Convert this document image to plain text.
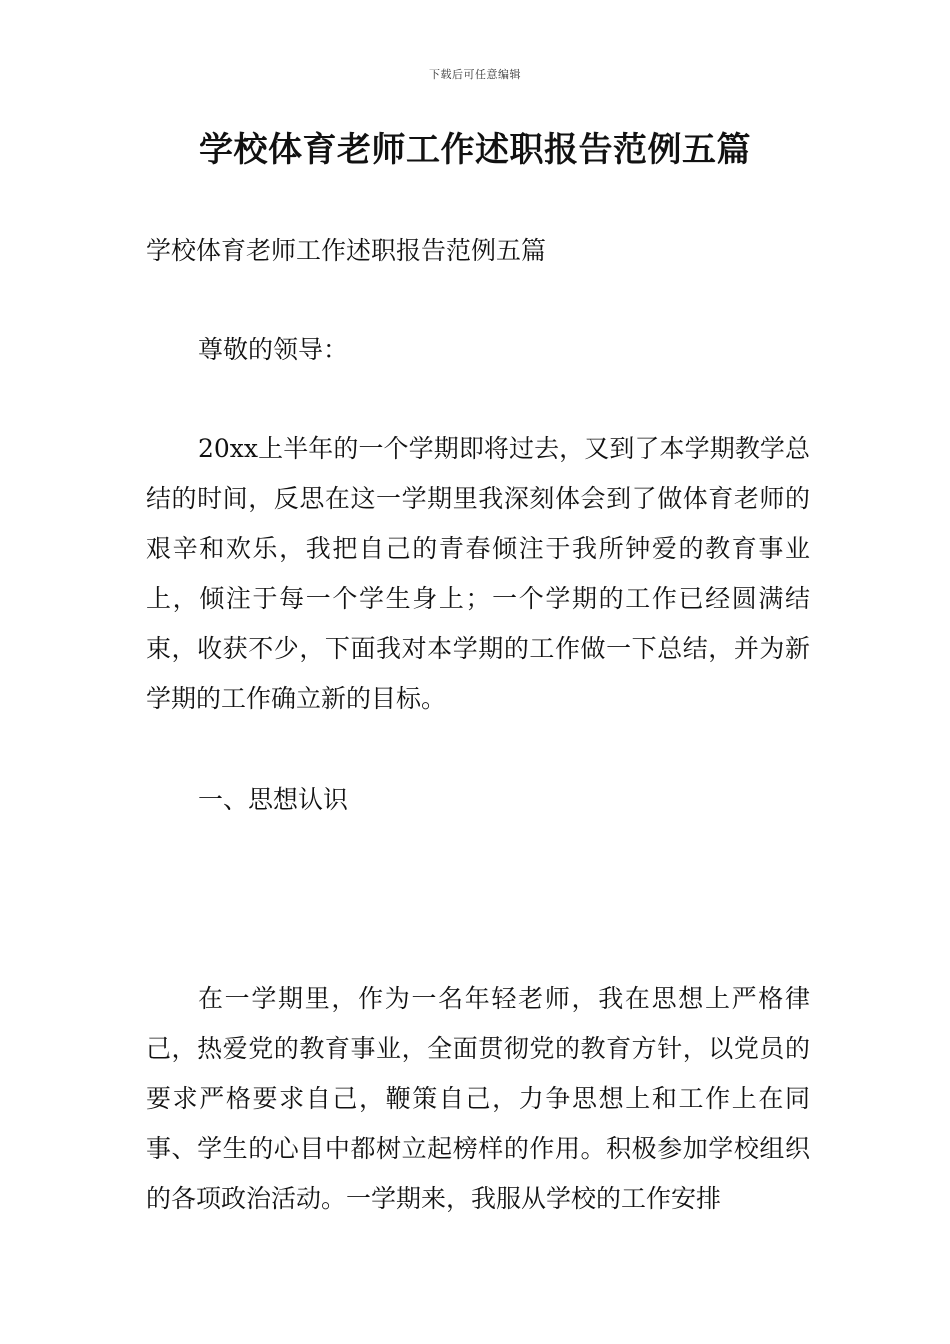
下载后可任意编辑
学校体育老师工作述职报告范例五篇

学校体育老师工作述职报告范例五篇

尊敬的领导：

20xx上半年的一个学期即将过去，又到了本学期教学总结的时间，反思在这一学期里我深刻体会到了做体育老师的艰辛和欢乐，我把自己的青春倾注于我所钟爱的教育事业上，倾注于每一个学生身上；一个学期的工作已经圆满结束，收获不少，下面我对本学期的工作做一下总结，并为新学期的工作确立新的目标。

一、思想认识

在一学期里，作为一名年轻老师，我在思想上严格律己，热爱党的教育事业，全面贯彻党的教育方针，以党员的要求严格要求自己，鞭策自己，力争思想上和工作上在同事、学生的心目中都树立起榜样的作用。积极参加学校组织的各项政治活动。一学期来，我服从学校的工作安排
